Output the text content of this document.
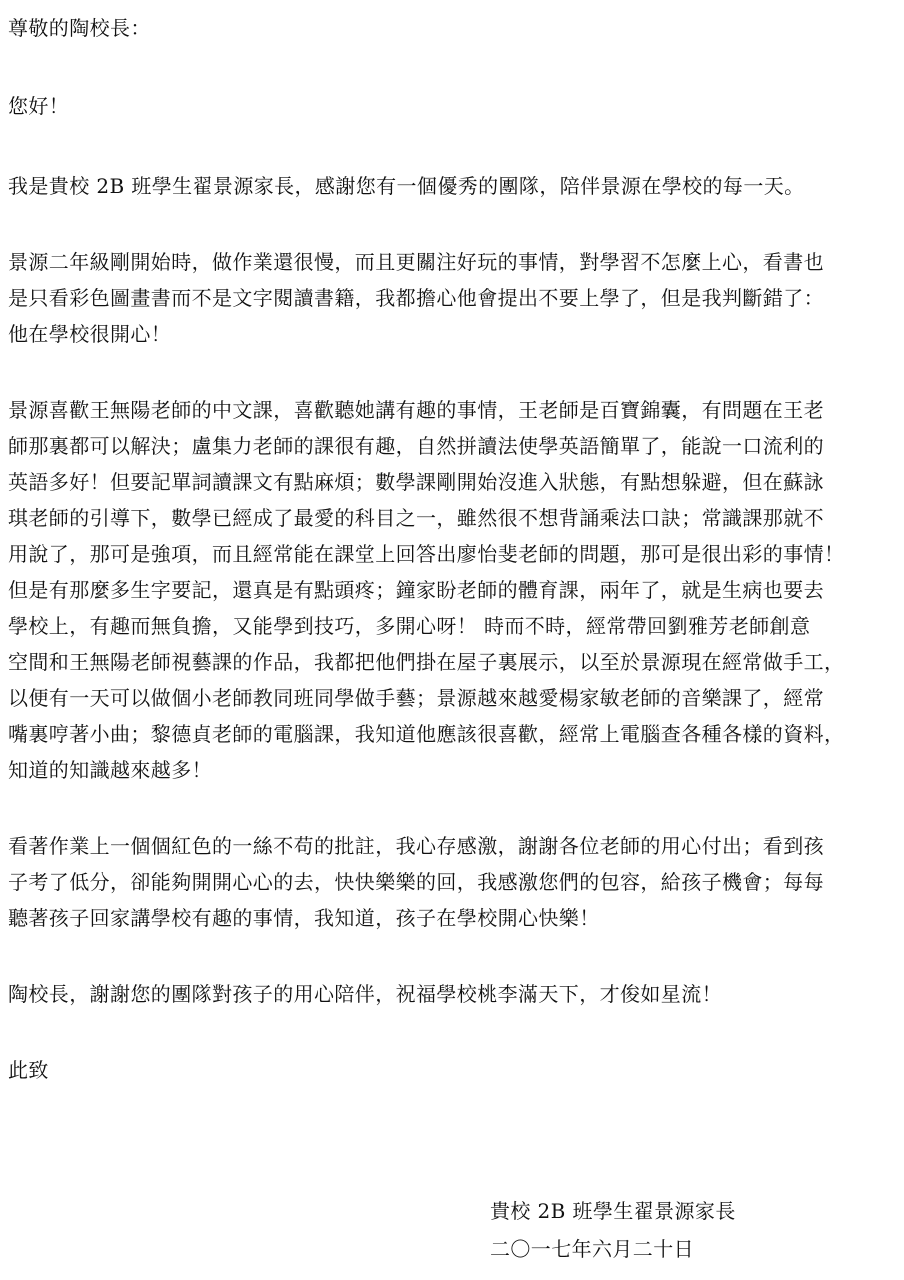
尊敬的陶校長：
您好！
我是貴校 2B 班學生翟景源家長，感謝您有一個優秀的團隊，陪伴景源在學校的每一天。
景源二年級剛開始時，做作業還很慢，而且更關注好玩的事情，對學習不怎麼上心，看書也
是只看彩色圖畫書而不是文字閱讀書籍，我都擔心他會提出不要上學了，但是我判斷錯了：
他在學校很開心！
景源喜歡王無陽老師的中文課，喜歡聽她講有趣的事情，王老師是百寶錦囊，有問題在王老
師那裏都可以解決；盧集力老師的課很有趣，自然拼讀法使學英語簡單了，能說一口流利的
英語多好！但要記單詞讀課文有點麻煩；數學課剛開始沒進入狀態，有點想躲避，但在蘇詠
琪老師的引導下，數學已經成了最愛的科目之一，雖然很不想背誦乘法口訣；常識課那就不
用說了，那可是強項，而且經常能在課堂上回答出廖怡斐老師的問題，那可是很出彩的事情！
但是有那麼多生字要記，還真是有點頭疼；鐘家盼老師的體育課，兩年了，就是生病也要去
學校上，有趣而無負擔，又能學到技巧，多開心呀！ 時而不時，經常帶回劉雅芳老師創意
空間和王無陽老師視藝課的作品，我都把他們掛在屋子裏展示，以至於景源現在經常做手工，
以便有一天可以做個小老師教同班同學做手藝；景源越來越愛楊家敏老師的音樂課了，經常
嘴裏哼著小曲；黎德貞老師的電腦課，我知道他應該很喜歡，經常上電腦查各種各樣的資料，
知道的知識越來越多！
看著作業上一個個紅色的一絲不苟的批註，我心存感激，謝謝各位老師的用心付出；看到孩
子考了低分，卻能夠開開心心的去，快快樂樂的回，我感激您們的包容，給孩子機會；每每
聽著孩子回家講學校有趣的事情，我知道，孩子在學校開心快樂！
陶校長，謝謝您的團隊對孩子的用心陪伴，祝福學校桃李滿天下，才俊如星流！
此致
貴校 2B 班學生翟景源家長
二〇一七年六月二十日
